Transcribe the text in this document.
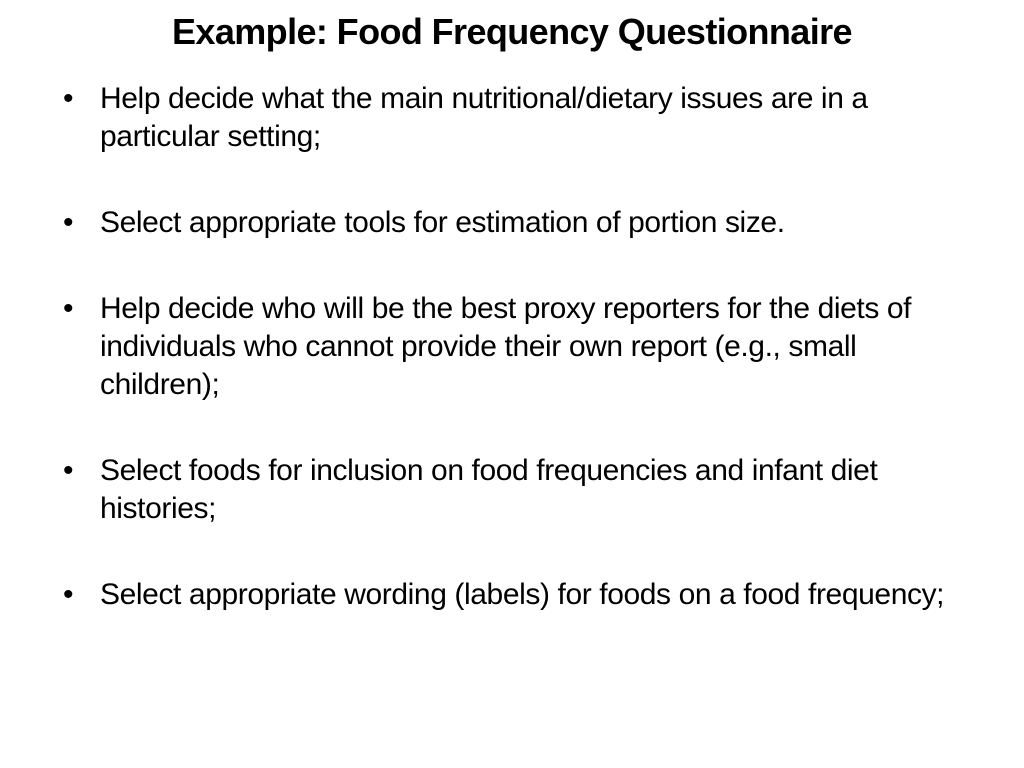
Example: Food Frequency Questionnaire
• Help decide what the main nutritional/dietary issues are in a particular setting;
• Select appropriate tools for estimation of portion size.
• Help decide who will be the best proxy reporters for the diets of individuals who cannot provide their own report (e.g., small children);
• Select foods for inclusion on food frequencies and infant diet histories;
• Select appropriate wording (labels) for foods on a food frequency;
